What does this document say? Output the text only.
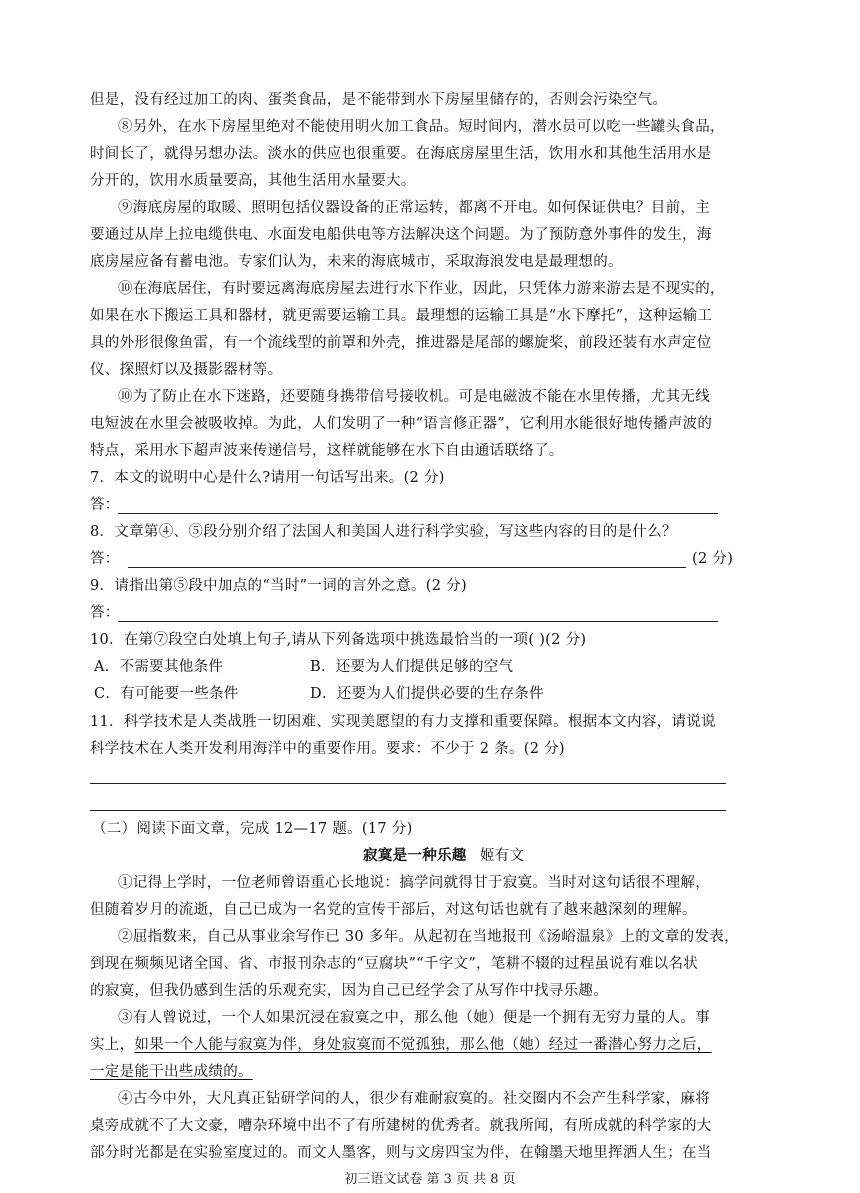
但是，没有经过加工的肉、蛋类食品，是不能带到水下房屋里储存的，否则会污染空气。
⑧另外，在水下房屋里绝对不能使用明火加工食品。短时间内，潜水员可以吃一些罐头食品，
时间长了，就得另想办法。淡水的供应也很重要。在海底房屋里生活，饮用水和其他生活用水是
分开的，饮用水质量要高，其他生活用水量要大。
⑨海底房屋的取暖、照明包括仪器设备的正常运转，都离不开电。如何保证供电？目前，主
要通过从岸上拉电缆供电、水面发电船供电等方法解决这个问题。为了预防意外事件的发生，海
底房屋应备有蓄电池。专家们认为，未来的海底城市，采取海浪发电是最理想的。
⑩在海底居住，有时要远离海底房屋去进行水下作业，因此，只凭体力游来游去是不现实的，
如果在水下搬运工具和器材，就更需要运输工具。最理想的运输工具是“水下摩托”，这种运输工
具的外形很像鱼雷，有一个流线型的前罩和外壳，推进器是尾部的螺旋桨，前段还装有水声定位
仪、探照灯以及摄影器材等。
⑩为了防止在水下迷路，还要随身携带信号接收机。可是电磁波不能在水里传播，尤其无线
电短波在水里会被吸收掉。为此，人们发明了一种“语言修正器”，它利用水能很好地传播声波的
特点，采用水下超声波来传递信号，这样就能够在水下自由通话联络了。
7．本文的说明中心是什么?请用一句话写出来。(2 分)
答：
8．文章第④、⑤段分别介绍了法国人和美国人进行科学实验，写这些内容的目的是什么？
答：	(2 分)
9．请指出第⑤段中加点的“当时”一词的言外之意。(2 分)
答：
10．在第⑦段空白处填上句子,请从下列备选项中挑选最恰当的一项( )(2 分)
A．不需要其他条件	B．还要为人们提供足够的空气
C．有可能要一些条件	D．还要为人们提供必要的生存条件
11．科学技术是人类战胜一切困难、实现美愿望的有力支撑和重要保障。根据本文内容，请说说
科学技术在人类开发利用海洋中的重要作用。要求：不少于 2 条。(2 分)
（二）阅读下面文章，完成 12—17 题。(17 分)
寂寞是一种乐趣 姬有文
①记得上学时，一位老师曾语重心长地说：搞学问就得甘于寂寞。当时对这句话很不理解，
但随着岁月的流逝，自己已成为一名党的宣传干部后，对这句话也就有了越来越深刻的理解。
②屈指数来，自己从事业余写作已 30 多年。从起初在当地报刊《汤峪温泉》上的文章的发表，
到现在频频见诸全国、省、市报刊杂志的“豆腐块”“千字文”，笔耕不辍的过程虽说有难以名状
的寂寞，但我仍感到生活的乐观充实，因为自己已经学会了从写作中找寻乐趣。
③有人曾说过，一个人如果沉浸在寂寞之中，那么他（她）便是一个拥有无穷力量的人。事
实上，如果一个人能与寂寞为伴，身处寂寞而不觉孤独，那么他（她）经过一番潜心努力之后，
一定是能干出些成绩的。
④古今中外，大凡真正钻研学问的人，很少有难耐寂寞的。社交圈内不会产生科学家，麻将
桌旁成就不了大文豪，嘈杂环境中出不了有所建树的优秀者。就我所闻，有所成就的科学家的大
部分时光都是在实验室度过的。而文人墨客，则与文房四宝为伴，在翰墨天地里挥洒人生；在当
初三语文试卷 第 3 页 共 8 页
